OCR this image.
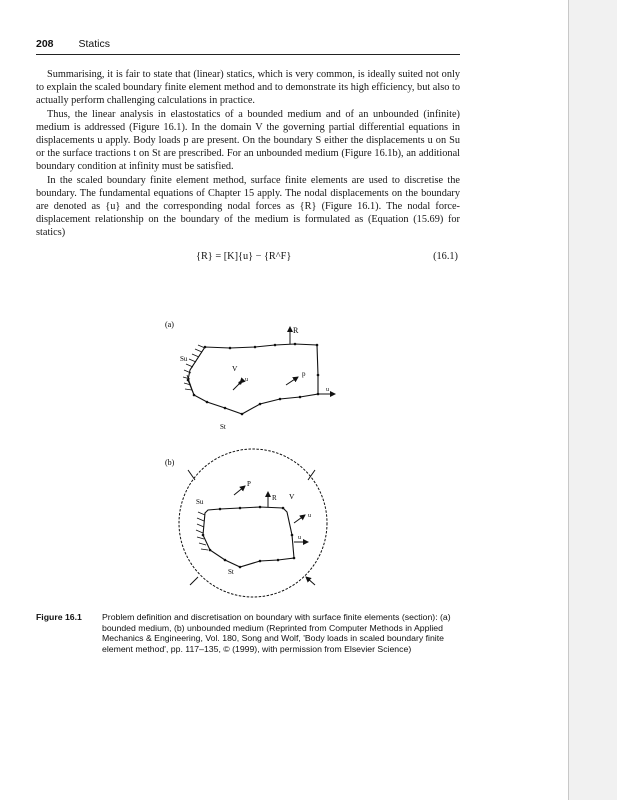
208 Statics

Summarising, it is fair to state that (linear) statics, which is very common, is ideally suited not only to explain the scaled boundary finite element method and to demonstrate its high efficiency, but also to actually perform challenging calculations in practice.

Thus, the linear analysis in elastostatics of a bounded medium and of an unbounded (infinite) medium is addressed (Figure 16.1). In the domain V the governing partial differential equations in displacements u apply. Body loads p are present. On the boundary S either the displacements u on Su or the surface tractions t on St are prescribed. For an unbounded medium (Figure 16.1b), an additional boundary condition at infinity must be satisfied.

In the scaled boundary finite element method, surface finite elements are used to discretise the boundary. The fundamental equations of Chapter 15 apply. The nodal displacements on the boundary are denoted as {u} and the corresponding nodal forces as {R} (Figure 16.1). The nodal force-displacement relationship on the boundary of the medium is formulated as (Equation (15.69) for statics)

{R} = [K]{u} − {R^F}	(16.1)
(a)
R
Su
V
u
p
u
St
(b)
Su
P
R V
u
u
St
Figure 16.1 Problem definition and discretisation on boundary with surface finite elements (section): (a) bounded medium, (b) unbounded medium (Reprinted from Computer Methods in Applied Mechanics & Engineering, Vol. 180, Song and Wolf, 'Body loads in scaled boundary finite element method', pp. 117–135, © (1999), with permission from Elsevier Science)
